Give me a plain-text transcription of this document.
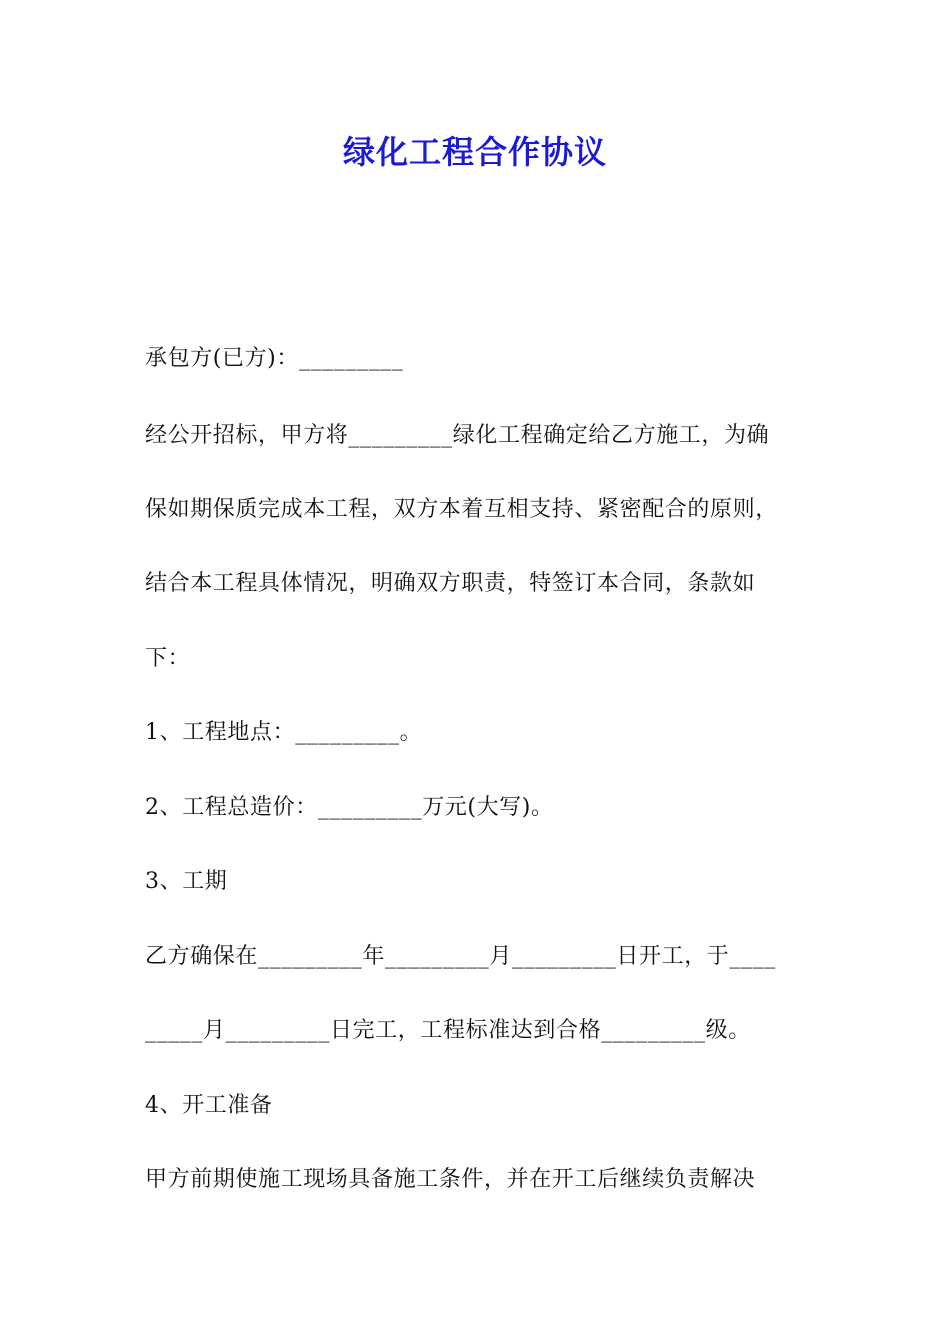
绿化工程合作协议
承包方(已方)：_________
经公开招标，甲方将_________绿化工程确定给乙方施工，为确
保如期保质完成本工程，双方本着互相支持、紧密配合的原则，
结合本工程具体情况，明确双方职责，特签订本合同，条款如
下：
1、工程地点：_________。
2、工程总造价：_________万元(大写)。
3、工期
乙方确保在_________年_________月_________日开工，于____
_____月_________日完工，工程标准达到合格_________级。
4、开工准备
甲方前期使施工现场具备施工条件，并在开工后继续负责解决
